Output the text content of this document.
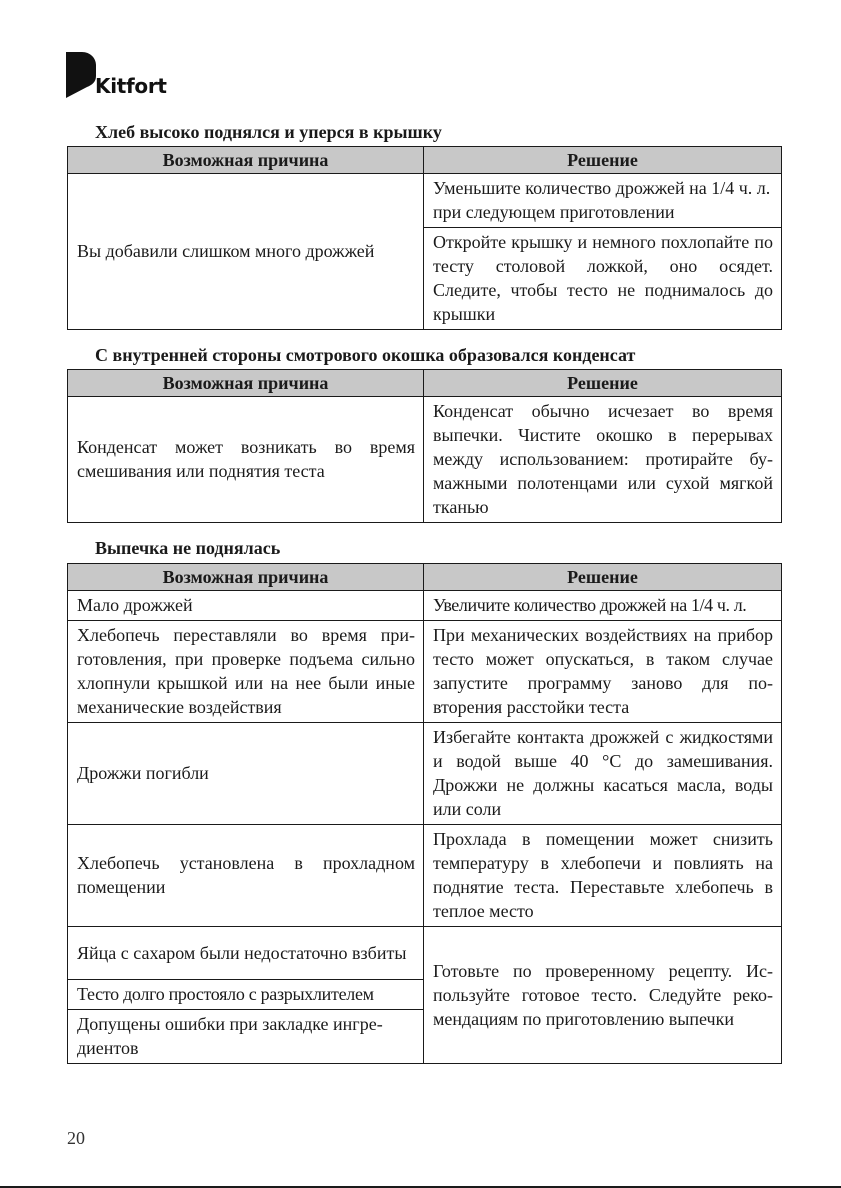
Kitfort
Хлеб высоко поднялся и уперся в крышку
Возможная причина	Решение
Вы добавили слишком много дрожжей	Уменьшите количество дрожжей на 1/4 ч. л. при следующем приготовлении
	Откройте крышку и немного похлопайте по тесту столовой ложкой, оно осядет. Следите, чтобы тесто не поднималось до крышки
С внутренней стороны смотрового окошка образовался конденсат
Возможная причина	Решение
Конденсат может возникать во время смешивания или поднятия теста	Конденсат обычно исчезает во время выпечки. Чистите окошко в перерывах между использованием: протирайте бумажными полотенцами или сухой мягкой тканью
Выпечка не поднялась
Возможная причина	Решение
Мало дрожжей	Увеличите количество дрожжей на 1/4 ч. л.
Хлебопечь переставляли во время приготовления, при проверке подъема сильно хлопнули крышкой или на нее были иные механические воздействия	При механических воздействиях на прибор тесто может опускаться, в таком случае запустите программу заново для повторения расстойки теста
Дрожжи погибли	Избегайте контакта дрожжей с жидкостями и водой выше 40 °С до замешивания. Дрожжи не должны касаться масла, воды или соли
Хлебопечь установлена в прохладном помещении	Прохлада в помещении может снизить температуру в хлебопечи и повлиять на поднятие теста. Переставьте хлебопечь в теплое место
Яйца с сахаром были недостаточно взбиты	Готовьте по проверенному рецепту. Используйте готовое тесто. Следуйте рекомендациям по приготовлению выпечки
Тесто долго простояло с разрыхлителем	
Допущены ошибки при закладке ингредиентов	
20
